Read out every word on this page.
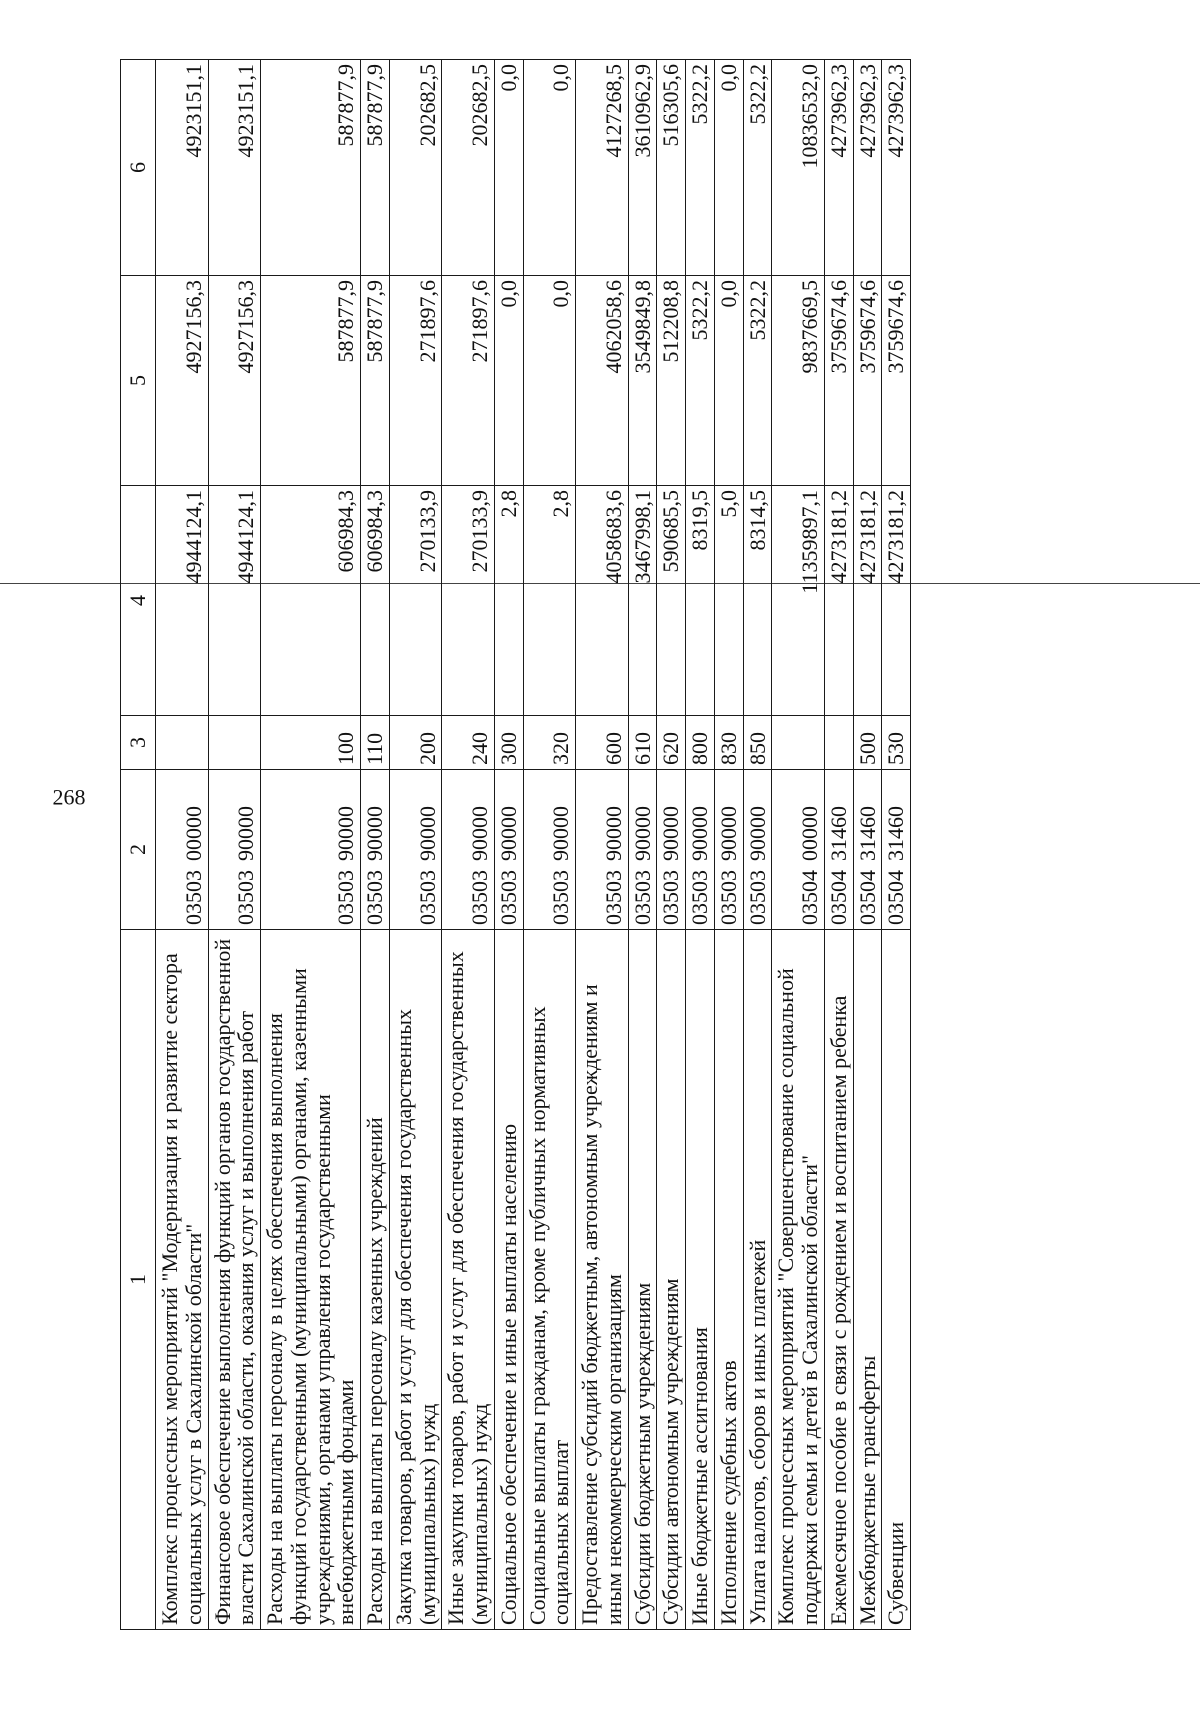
268
1	2	3	4	5	6
Комплекс процессных мероприятий "Модернизация и развитие сектора социальных услуг в Сахалинской области"	0350300000		4944124,1	4927156,3	4923151,1
Финансовое обеспечение выполнения функций органов государственной власти Сахалинской области, оказания услуг и выполнения работ	0350390000		4944124,1	4927156,3	4923151,1
Расходы на выплаты персоналу в целях обеспечения выполнения функций государственными (муниципальными) органами, казенными учреждениями, органами управления государственными внебюджетными фондами	0350390000	100	606984,3	587877,9	587877,9
Расходы на выплаты персоналу казенных учреждений	0350390000	110	606984,3	587877,9	587877,9
Закупка товаров, работ и услуг для обеспечения государственных (муниципальных) нужд	0350390000	200	270133,9	271897,6	202682,5
Иные закупки товаров, работ и услуг для обеспечения государственных (муниципальных) нужд	0350390000	240	270133,9	271897,6	202682,5
Социальное обеспечение и иные выплаты населению	0350390000	300	2,8	0,0	0,0
Социальные выплаты гражданам, кроме публичных нормативных социальных выплат	0350390000	320	2,8	0,0	0,0
Предоставление субсидий бюджетным, автономным учреждениям и иным некоммерческим организациям	0350390000	600	4058683,6	4062058,6	4127268,5
Субсидии бюджетным учреждениям	0350390000	610	3467998,1	3549849,8	3610962,9
Субсидии автономным учреждениям	0350390000	620	590685,5	512208,8	516305,6
Иные бюджетные ассигнования	0350390000	800	8319,5	5322,2	5322,2
Исполнение судебных актов	0350390000	830	5,0	0,0	0,0
Уплата налогов, сборов и иных платежей	0350390000	850	8314,5	5322,2	5322,2
Комплекс процессных мероприятий "Совершенствование социальной поддержки семьи и детей в Сахалинской области"	0350400000		11359897,1	9837669,5	10836532,0
Ежемесячное пособие в связи с рождением и воспитанием ребенка	0350431460		4273181,2	3759674,6	4273962,3
Межбюджетные трансферты	0350431460	500	4273181,2	3759674,6	4273962,3
Субвенции	0350431460	530	4273181,2	3759674,6	4273962,3
